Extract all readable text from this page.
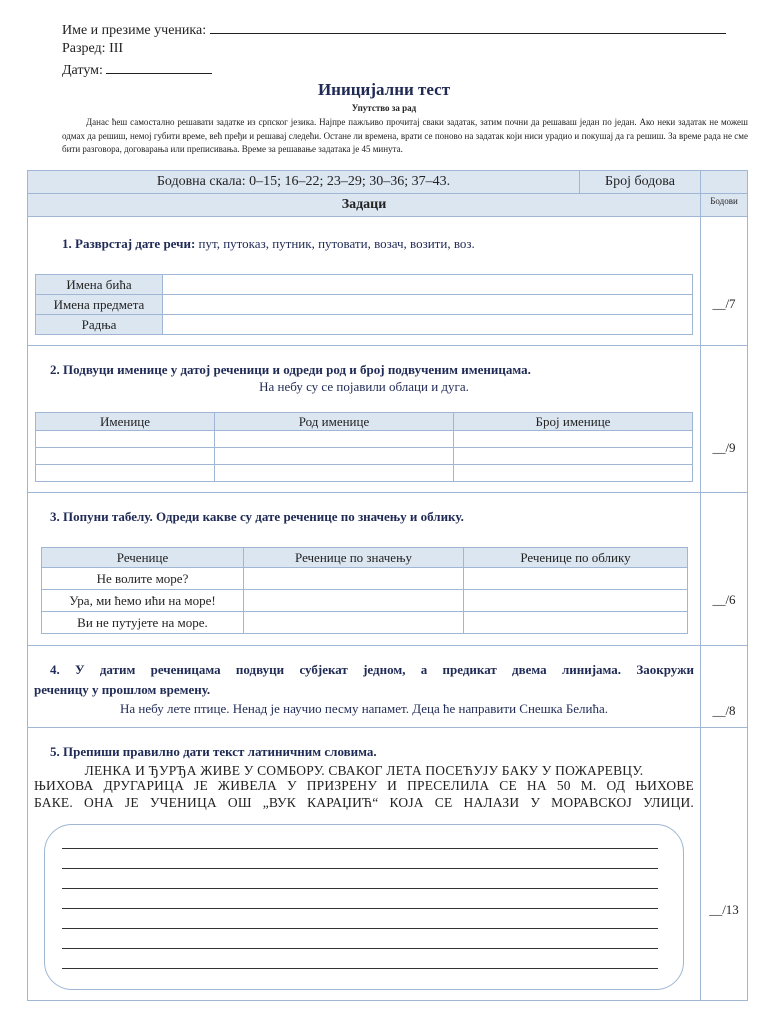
Име и презиме ученика:
Разред: III
Датум:
Иницијални тест
Упутство за рад
Данас ћеш самостално решавати задатке из српског језика. Најпре пажљиво прочитај сваки задатак, затим почни да решаваш један по један. Ако неки задатак не можеш одмах да решиш, немој губити време, већ пређи и решавај следећи. Остане ли времена, врати се поново на задатак који ниси урадио и покушај да га решиш. За време рада не сме бити разговора, договарања или преписивања. Време за решавање задатака је 45 минута.
Бодовна скала: 0–15; 16–22; 23–29; 30–36; 37–43.	Број бодова
Задаци	Бодови
1. Разврстај дате речи: пут, путоказ, путник, путовати, возач, возити, воз.
Имена бића	
Имена предмета	
Радња	
__/7
2. Подвуци именице у датој реченици и одреди род и број подвученим именицама.
На небу су се појавили облаци и дуга.
Именице	Род именице	Број именице

__/9
3. Попуни табелу. Одреди какве су дате реченице по значењу и облику.
Реченице	Реченице по значењу	Реченице по облику
Не волите море?		
Ура, ми ћемо ићи на море!		
Ви не путујете на море.		
__/6
4. У датим реченицама подвуци субјекат једном, а предикат двема линијама. Заокружи
реченицу у прошлом времену.
На небу лете птице. Ненад је научио песму напамет. Деца ће направити Снешка Белића.	__/8
5. Препиши правилно дати текст латиничним словима.
ЛЕНКА И ЂУРЂА ЖИВЕ У СОМБОРУ. СВАКОГ ЛЕТА ПОСЕЋУЈУ БАКУ У ПОЖАРЕВЦУ.
ЊИХОВА ДРУГАРИЦА ЈЕ ЖИВЕЛА У ПРИЗРЕНУ И ПРЕСЕЛИЛА СЕ НА 50 М. ОД ЊИХОВЕ
БАКЕ. ОНА ЈЕ УЧЕНИЦА ОШ „ВУК КАРАЏИЋ“ КОЈА СЕ НАЛАЗИ У МОРАВСКОЈ УЛИЦИ.
__/13
